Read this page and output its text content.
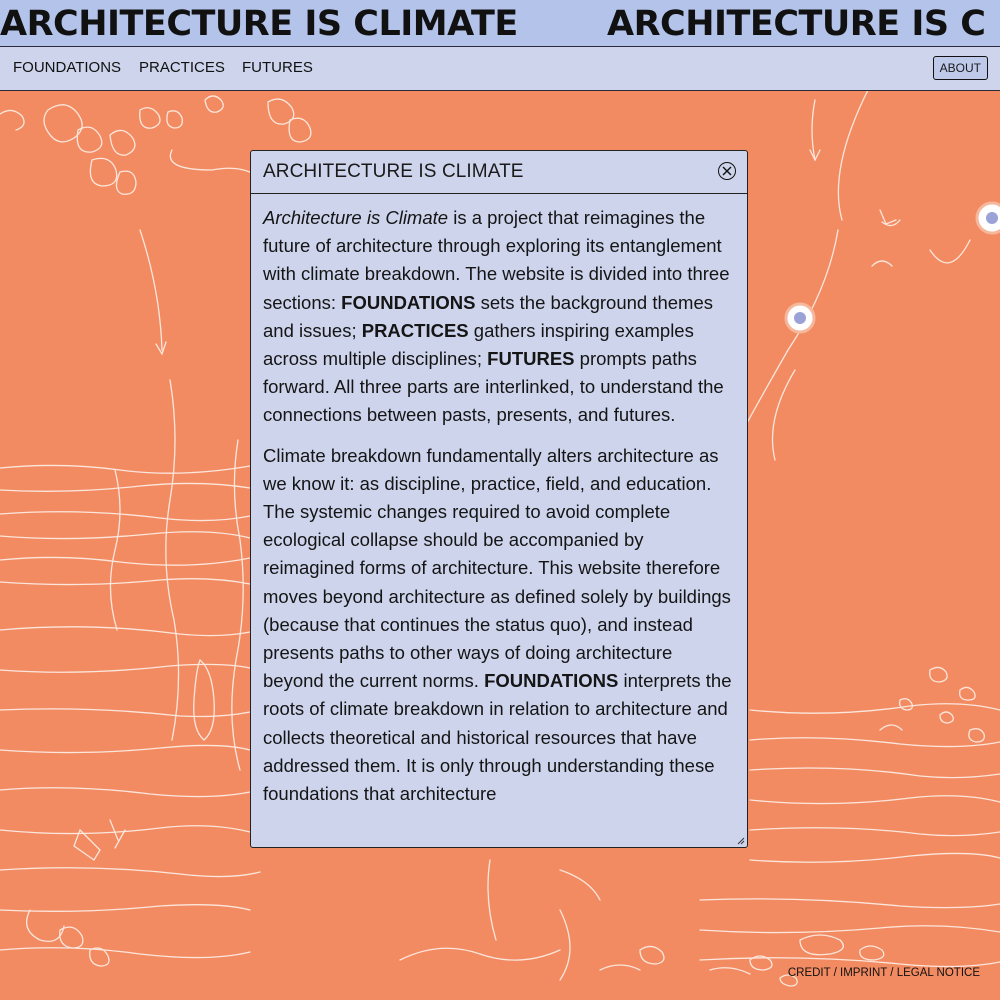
ARCHITECTURE IS CLIMATE	ARCHITECTURE IS C
FOUNDATIONS PRACTICES FUTURES	ABOUT
ARCHITECTURE IS CLIMATE

Architecture is Climate is a project that reimagines the future of architecture through exploring its entanglement with climate breakdown. The website is divided into three sections: FOUNDATIONS sets the background themes and issues; PRACTICES gathers inspiring examples across multiple disciplines; FUTURES prompts paths forward. All three parts are interlinked, to understand the connections between pasts, presents, and futures.

Climate breakdown fundamentally alters architecture as we know it: as discipline, practice, field, and education. The systemic changes required to avoid complete ecological collapse should be accompanied by reimagined forms of architecture. This website therefore moves beyond architecture as defined solely by buildings (because that continues the status quo), and instead presents paths to other ways of doing architecture beyond the current norms. FOUNDATIONS interprets the roots of climate breakdown in relation to architecture and collects theoretical and historical resources that have addressed them. It is only through understanding these foundations that architecture

CREDIT / IMPRINT / LEGAL NOTICE
